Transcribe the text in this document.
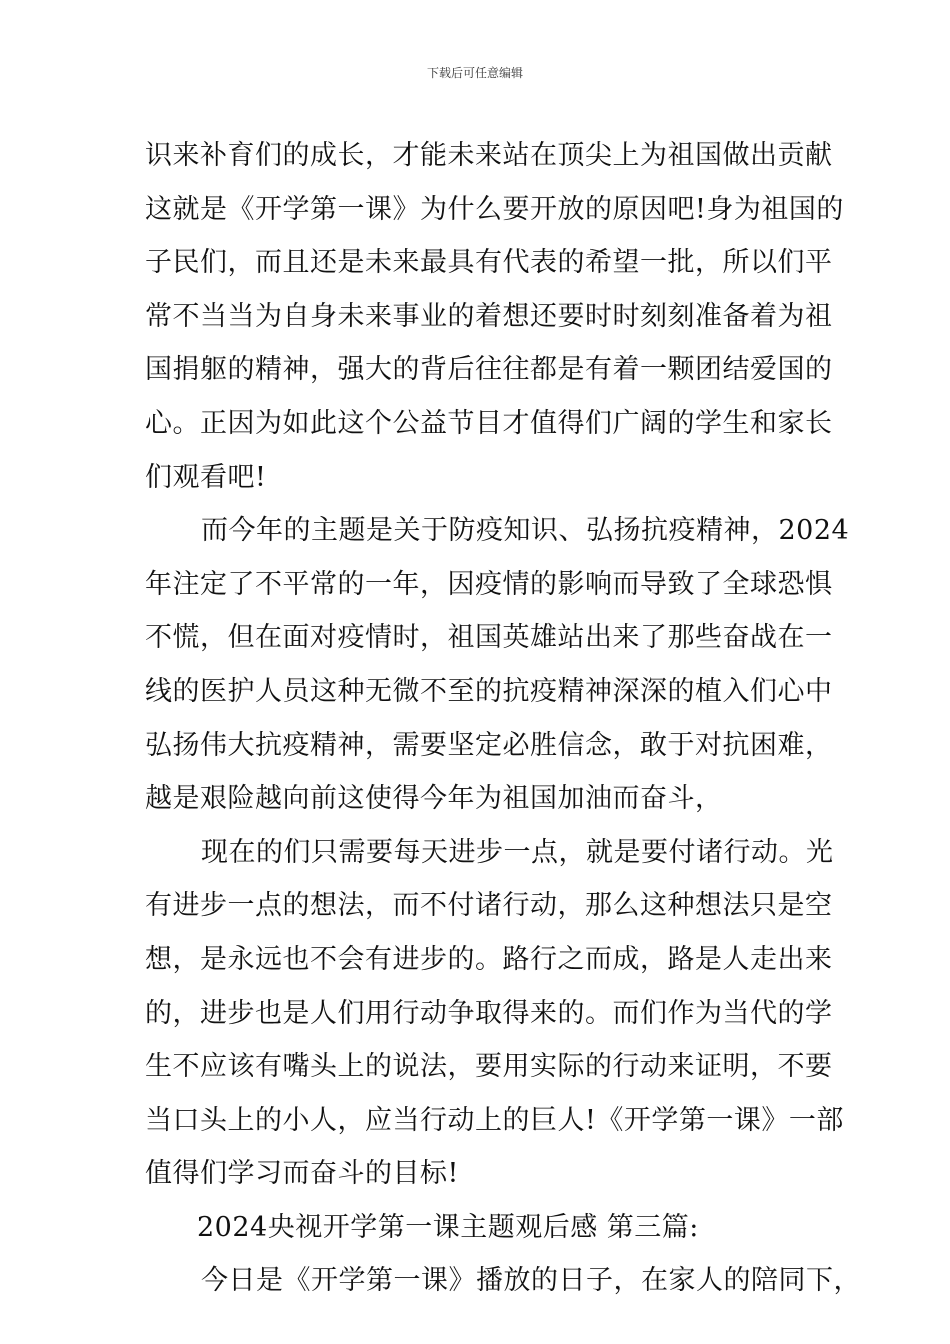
下载后可任意编辑
识来补育们的成长，才能未来站在顶尖上为祖国做出贡献
这就是《开学第一课》为什么要开放的原因吧!身为祖国的
子民们，而且还是未来最具有代表的希望一批，所以们平
常不当当为自身未来事业的着想还要时时刻刻准备着为祖
国捐躯的精神，强大的背后往往都是有着一颗团结爱国的
心。正因为如此这个公益节目才值得们广阔的学生和家长
们观看吧!
而今年的主题是关于防疫知识、弘扬抗疫精神，2024
年注定了不平常的一年，因疫情的影响而导致了全球恐惧
不慌，但在面对疫情时，祖国英雄站出来了那些奋战在一
线的医护人员这种无微不至的抗疫精神深深的植入们心中
弘扬伟大抗疫精神，需要坚定必胜信念，敢于对抗困难，
越是艰险越向前这使得今年为祖国加油而奋斗，
现在的们只需要每天进步一点，就是要付诸行动。光
有进步一点的想法，而不付诸行动，那么这种想法只是空
想，是永远也不会有进步的。路行之而成，路是人走出来
的，进步也是人们用行动争取得来的。而们作为当代的学
生不应该有嘴头上的说法，要用实际的行动来证明，不要
当口头上的小人，应当行动上的巨人!《开学第一课》一部
值得们学习而奋斗的目标!
2024央视开学第一课主题观后感 第三篇:
今日是《开学第一课》播放的日子，在家人的陪同下，
